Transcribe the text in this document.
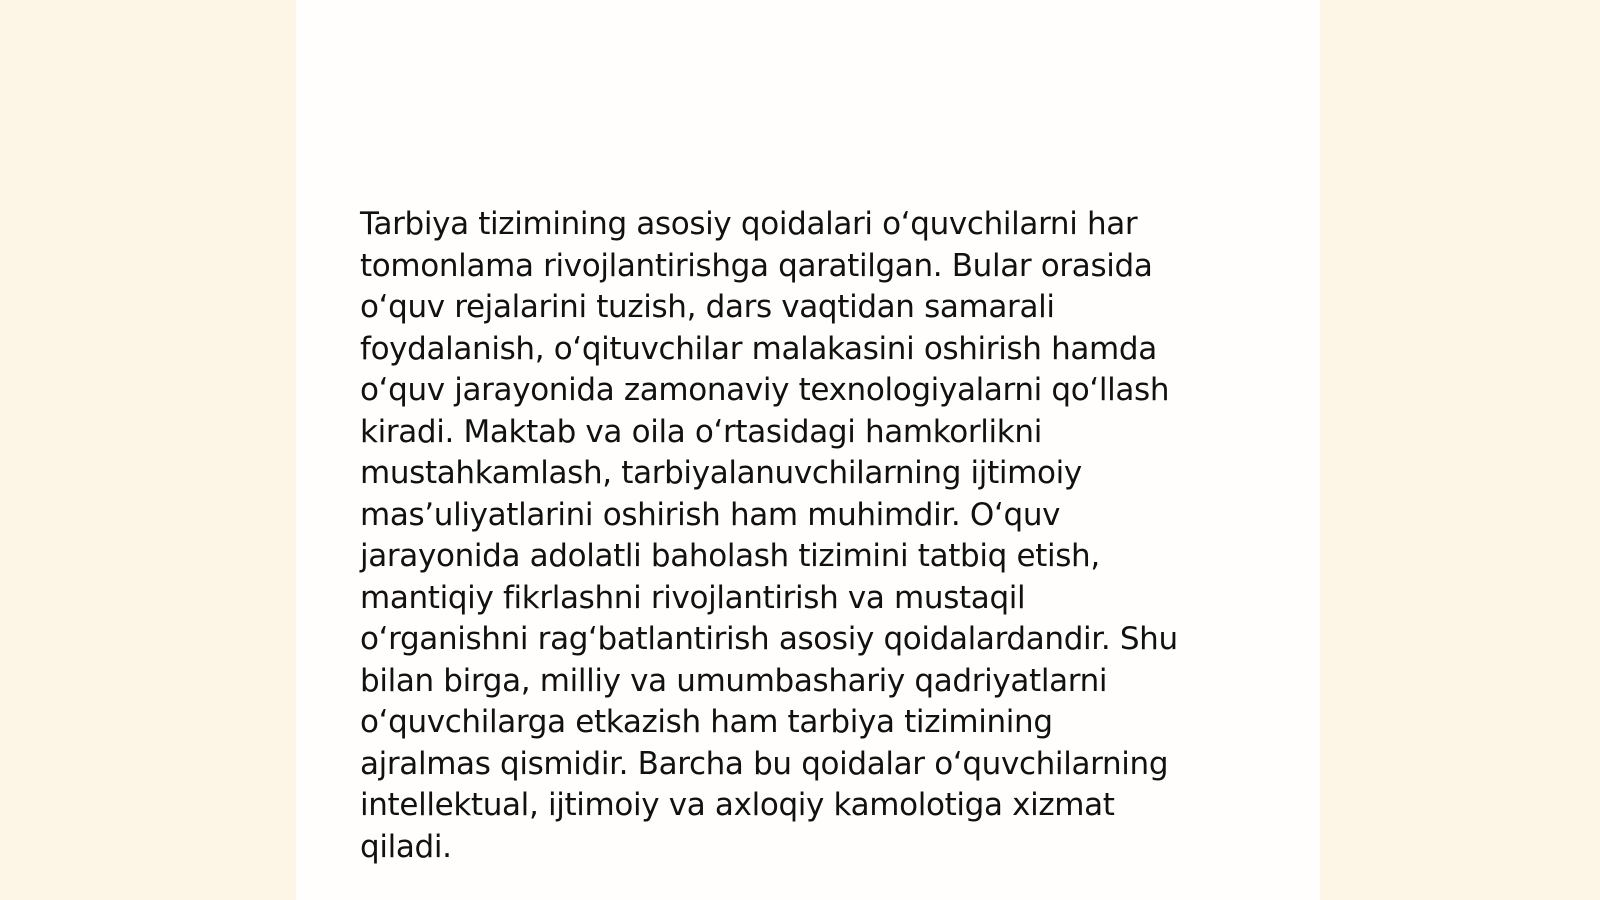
Tarbiya tizimining asosiy qoidalari o‘quvchilarni har
tomonlama rivojlantirishga qaratilgan. Bular orasida
o‘quv rejalarini tuzish, dars vaqtidan samarali
foydalanish, o‘qituvchilar malakasini oshirish hamda
o‘quv jarayonida zamonaviy texnologiyalarni qo‘llash
kiradi. Maktab va oila o‘rtasidagi hamkorlikni
mustahkamlash, tarbiyalanuvchilarning ijtimoiy
mas’uliyatlarini oshirish ham muhimdir. O‘quv
jarayonida adolatli baholash tizimini tatbiq etish,
mantiqiy fikrlashni rivojlantirish va mustaqil
o‘rganishni rag‘batlantirish asosiy qoidalardandir. Shu
bilan birga, milliy va umumbashariy qadriyatlarni
o‘quvchilarga etkazish ham tarbiya tizimining
ajralmas qismidir. Barcha bu qoidalar o‘quvchilarning
intellektual, ijtimoiy va axloqiy kamolotiga xizmat
qiladi.
